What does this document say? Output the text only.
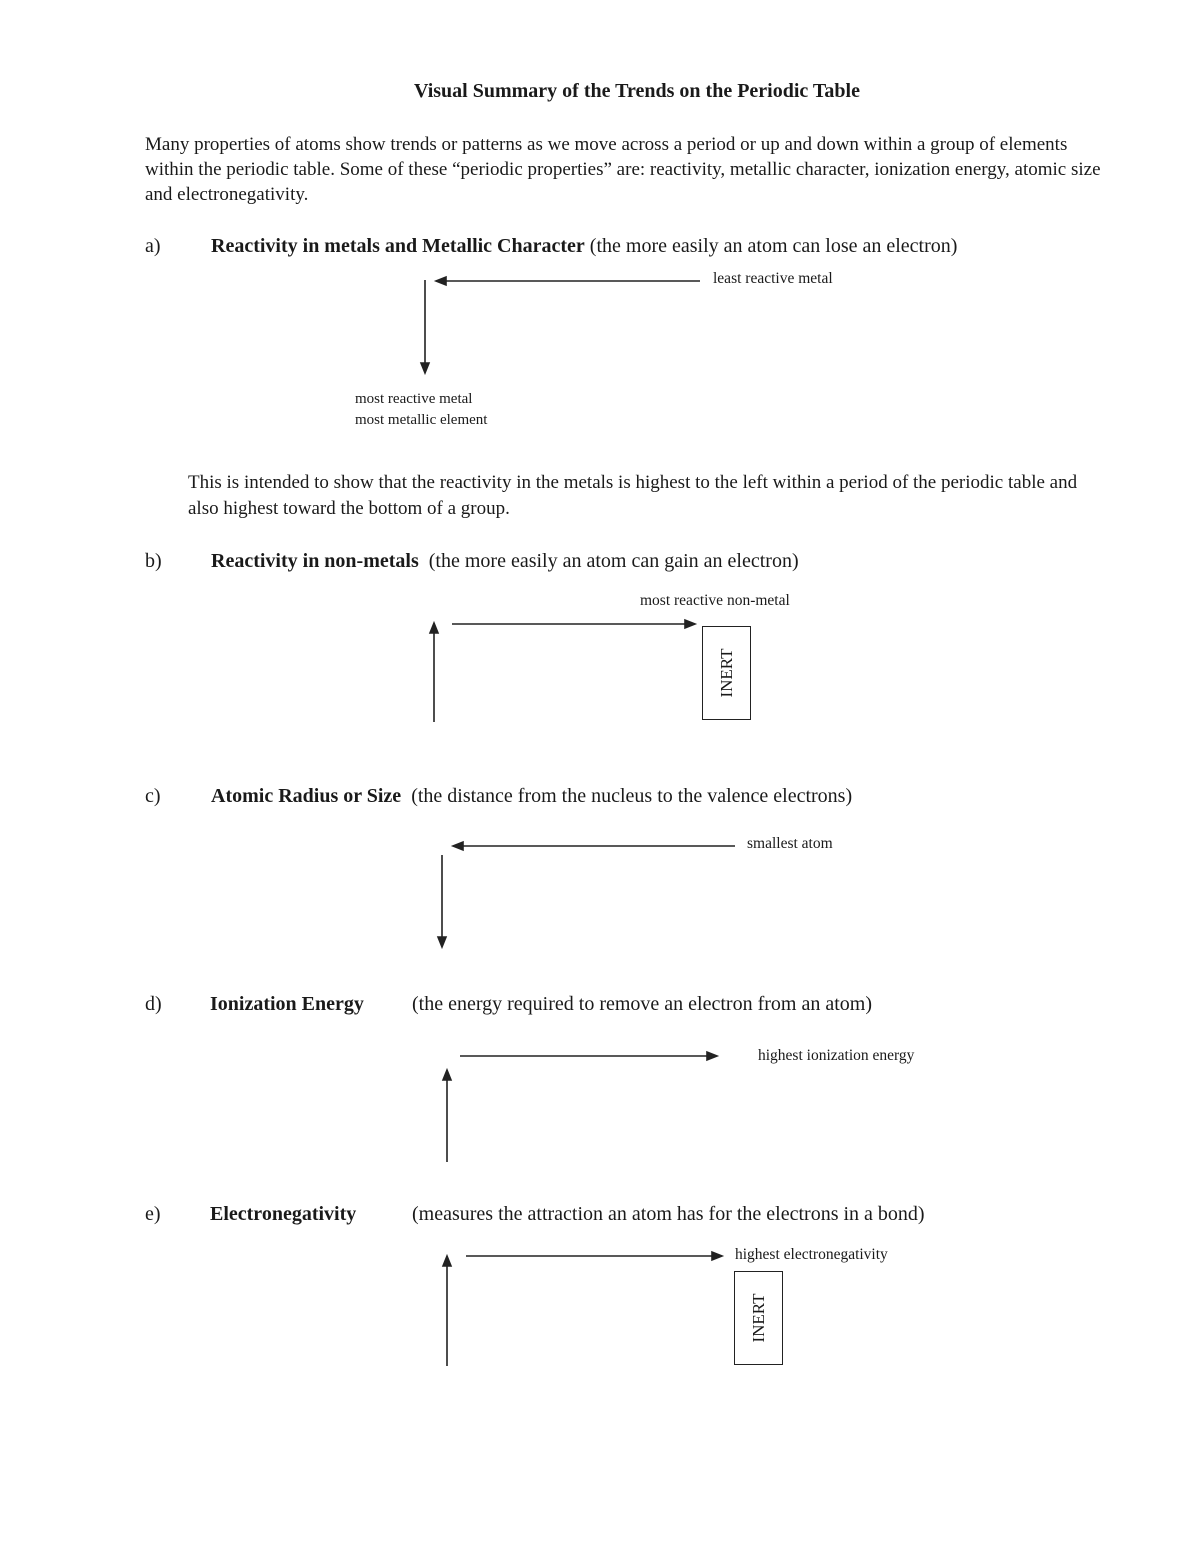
Visual Summary of the Trends on the Periodic Table
Many properties of atoms show trends or patterns as we move across a period or up and down within a group of elements within the periodic table. Some of these “periodic properties” are: reactivity, metallic character, ionization energy, atomic size and electronegativity.
a)	Reactivity in metals and Metallic Character (the more easily an atom can lose an electron)
least reactive metal
most reactive metal
most metallic element
This is intended to show that the reactivity in the metals is highest to the left within a period of the periodic table and also highest toward the bottom of a group.
b) Reactivity in non-metals  (the more easily an atom can gain an electron)
most reactive non-metal
INERT
c)	Atomic Radius or Size  (the distance from the nucleus to the valence electrons)
smallest atom
d) Ionization Energy (the energy required to remove an electron from an atom)
highest ionization energy
e) Electronegativity	(measures the attraction an atom has for the electrons in a bond)
highest electronegativity
INERT
